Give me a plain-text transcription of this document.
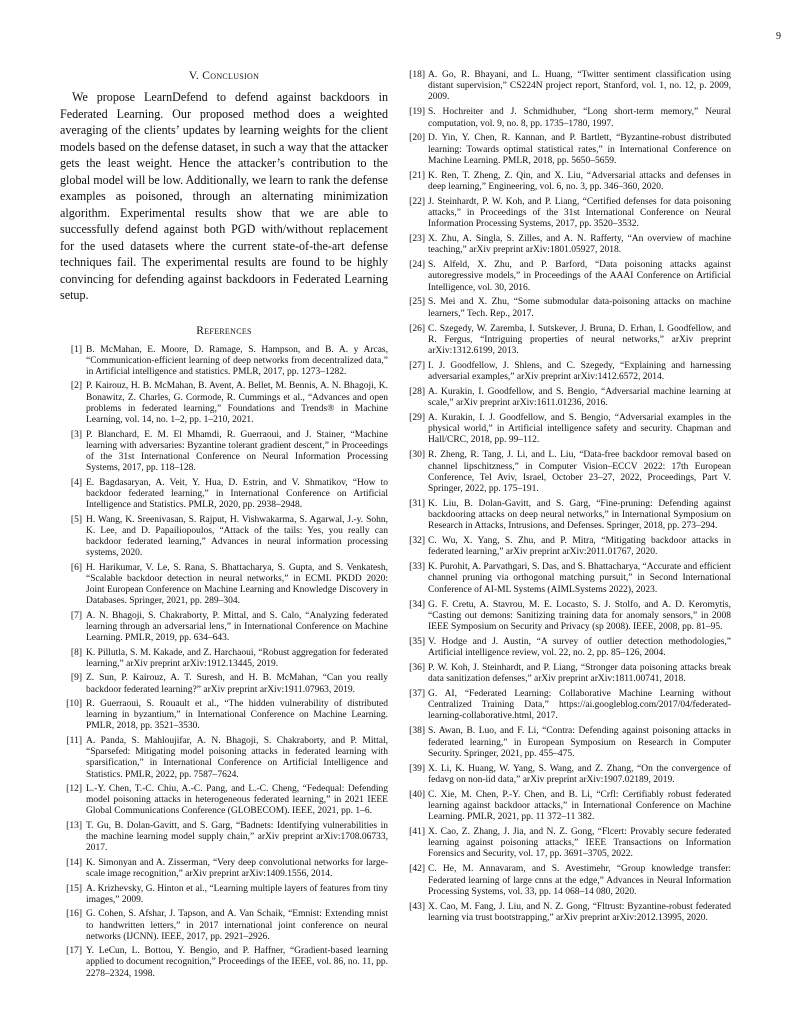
9
V. Conclusion

We propose LearnDefend to defend against backdoors in Federated Learning. Our proposed method does a weighted averaging of the clients’ updates by learning weights for the client models based on the defense dataset, in such a way that the attacker gets the least weight. Hence the attacker’s contribution to the global model will be low. Additionally, we learn to rank the defense examples as poisoned, through an alternating minimization algorithm. Experimental results show that we are able to successfully defend against both PGD with/without replacement for the used datasets where the current state-of-the-art defense techniques fail. The experimental results are found to be highly convincing for defending against backdoors in Federated Learning setup.

References
[1] B. McMahan, E. Moore, D. Ramage, S. Hampson, and B. A. y Arcas, “Communication-efficient learning of deep networks from decentralized data,” in Artificial intelligence and statistics. PMLR, 2017, pp. 1273–1282.
[2] P. Kairouz, H. B. McMahan, B. Avent, A. Bellet, M. Bennis, A. N. Bhagoji, K. Bonawitz, Z. Charles, G. Cormode, R. Cummings et al., “Advances and open problems in federated learning,” Foundations and Trends® in Machine Learning, vol. 14, no. 1–2, pp. 1–210, 2021.
[3] P. Blanchard, E. M. El Mhamdi, R. Guerraoui, and J. Stainer, “Machine learning with adversaries: Byzantine tolerant gradient descent,” in Proceedings of the 31st International Conference on Neural Information Processing Systems, 2017, pp. 118–128.
[4] E. Bagdasaryan, A. Veit, Y. Hua, D. Estrin, and V. Shmatikov, “How to backdoor federated learning,” in International Conference on Artificial Intelligence and Statistics. PMLR, 2020, pp. 2938–2948.
[5] H. Wang, K. Sreenivasan, S. Rajput, H. Vishwakarma, S. Agarwal, J.-y. Sohn, K. Lee, and D. Papailiopoulos, “Attack of the tails: Yes, you really can backdoor federated learning,” Advances in neural information processing systems, 2020.
[6] H. Harikumar, V. Le, S. Rana, S. Bhattacharya, S. Gupta, and S. Venkatesh, “Scalable backdoor detection in neural networks,” in ECML PKDD 2020: Joint European Conference on Machine Learning and Knowledge Discovery in Databases. Springer, 2021, pp. 289–304.
[7] A. N. Bhagoji, S. Chakraborty, P. Mittal, and S. Calo, “Analyzing federated learning through an adversarial lens,” in International Conference on Machine Learning. PMLR, 2019, pp. 634–643.
[8] K. Pillutla, S. M. Kakade, and Z. Harchaoui, “Robust aggregation for federated learning,” arXiv preprint arXiv:1912.13445, 2019.
[9] Z. Sun, P. Kairouz, A. T. Suresh, and H. B. McMahan, “Can you really backdoor federated learning?” arXiv preprint arXiv:1911.07963, 2019.
[10] R. Guerraoui, S. Rouault et al., “The hidden vulnerability of distributed learning in byzantium,” in International Conference on Machine Learning. PMLR, 2018, pp. 3521–3530.
[11] A. Panda, S. Mahloujifar, A. N. Bhagoji, S. Chakraborty, and P. Mittal, “Sparsefed: Mitigating model poisoning attacks in federated learning with sparsification,” in International Conference on Artificial Intelligence and Statistics. PMLR, 2022, pp. 7587–7624.
[12] L.-Y. Chen, T.-C. Chiu, A.-C. Pang, and L.-C. Cheng, “Fedequal: Defending model poisoning attacks in heterogeneous federated learning,” in 2021 IEEE Global Communications Conference (GLOBECOM). IEEE, 2021, pp. 1–6.
[13] T. Gu, B. Dolan-Gavitt, and S. Garg, “Badnets: Identifying vulnerabilities in the machine learning model supply chain,” arXiv preprint arXiv:1708.06733, 2017.
[14] K. Simonyan and A. Zisserman, “Very deep convolutional networks for large-scale image recognition,” arXiv preprint arXiv:1409.1556, 2014.
[15] A. Krizhevsky, G. Hinton et al., “Learning multiple layers of features from tiny images,” 2009.
[16] G. Cohen, S. Afshar, J. Tapson, and A. Van Schaik, “Emnist: Extending mnist to handwritten letters,” in 2017 international joint conference on neural networks (IJCNN). IEEE, 2017, pp. 2921–2926.
[17] Y. LeCun, L. Bottou, Y. Bengio, and P. Haffner, “Gradient-based learning applied to document recognition,” Proceedings of the IEEE, vol. 86, no. 11, pp. 2278–2324, 1998.
[18] A. Go, R. Bhayani, and L. Huang, “Twitter sentiment classification using distant supervision,” CS224N project report, Stanford, vol. 1, no. 12, p. 2009, 2009.
[19] S. Hochreiter and J. Schmidhuber, “Long short-term memory,” Neural computation, vol. 9, no. 8, pp. 1735–1780, 1997.
[20] D. Yin, Y. Chen, R. Kannan, and P. Bartlett, “Byzantine-robust distributed learning: Towards optimal statistical rates,” in International Conference on Machine Learning. PMLR, 2018, pp. 5650–5659.
[21] K. Ren, T. Zheng, Z. Qin, and X. Liu, “Adversarial attacks and defenses in deep learning,” Engineering, vol. 6, no. 3, pp. 346–360, 2020.
[22] J. Steinhardt, P. W. Koh, and P. Liang, “Certified defenses for data poisoning attacks,” in Proceedings of the 31st International Conference on Neural Information Processing Systems, 2017, pp. 3520–3532.
[23] X. Zhu, A. Singla, S. Zilles, and A. N. Rafferty, “An overview of machine teaching,” arXiv preprint arXiv:1801.05927, 2018.
[24] S. Alfeld, X. Zhu, and P. Barford, “Data poisoning attacks against autoregressive models,” in Proceedings of the AAAI Conference on Artificial Intelligence, vol. 30, 2016.
[25] S. Mei and X. Zhu, “Some submodular data-poisoning attacks on machine learners,” Tech. Rep., 2017.
[26] C. Szegedy, W. Zaremba, I. Sutskever, J. Bruna, D. Erhan, I. Goodfellow, and R. Fergus, “Intriguing properties of neural networks,” arXiv preprint arXiv:1312.6199, 2013.
[27] I. J. Goodfellow, J. Shlens, and C. Szegedy, “Explaining and harnessing adversarial examples,” arXiv preprint arXiv:1412.6572, 2014.
[28] A. Kurakin, I. Goodfellow, and S. Bengio, “Adversarial machine learning at scale,” arXiv preprint arXiv:1611.01236, 2016.
[29] A. Kurakin, I. J. Goodfellow, and S. Bengio, “Adversarial examples in the physical world,” in Artificial intelligence safety and security. Chapman and Hall/CRC, 2018, pp. 99–112.
[30] R. Zheng, R. Tang, J. Li, and L. Liu, “Data-free backdoor removal based on channel lipschitzness,” in Computer Vision–ECCV 2022: 17th European Conference, Tel Aviv, Israel, October 23–27, 2022, Proceedings, Part V. Springer, 2022, pp. 175–191.
[31] K. Liu, B. Dolan-Gavitt, and S. Garg, “Fine-pruning: Defending against backdooring attacks on deep neural networks,” in International Symposium on Research in Attacks, Intrusions, and Defenses. Springer, 2018, pp. 273–294.
[32] C. Wu, X. Yang, S. Zhu, and P. Mitra, “Mitigating backdoor attacks in federated learning,” arXiv preprint arXiv:2011.01767, 2020.
[33] K. Purohit, A. Parvathgari, S. Das, and S. Bhattacharya, “Accurate and efficient channel pruning via orthogonal matching pursuit,” in Second International Conference of AI-ML Systems (AIMLSystems 2022), 2023.
[34] G. F. Cretu, A. Stavrou, M. E. Locasto, S. J. Stolfo, and A. D. Keromytis, “Casting out demons: Sanitizing training data for anomaly sensors,” in 2008 IEEE Symposium on Security and Privacy (sp 2008). IEEE, 2008, pp. 81–95.
[35] V. Hodge and J. Austin, “A survey of outlier detection methodologies,” Artificial intelligence review, vol. 22, no. 2, pp. 85–126, 2004.
[36] P. W. Koh, J. Steinhardt, and P. Liang, “Stronger data poisoning attacks break data sanitization defenses,” arXiv preprint arXiv:1811.00741, 2018.
[37] G. AI, “Federated Learning: Collaborative Machine Learning without Centralized Training Data,” https://ai.googleblog.com/2017/04/federated-learning-collaborative.html, 2017.
[38] S. Awan, B. Luo, and F. Li, “Contra: Defending against poisoning attacks in federated learning,” in European Symposium on Research in Computer Security. Springer, 2021, pp. 455–475.
[39] X. Li, K. Huang, W. Yang, S. Wang, and Z. Zhang, “On the convergence of fedavg on non-iid data,” arXiv preprint arXiv:1907.02189, 2019.
[40] C. Xie, M. Chen, P.-Y. Chen, and B. Li, “Crfl: Certifiably robust federated learning against backdoor attacks,” in International Conference on Machine Learning. PMLR, 2021, pp. 11 372–11 382.
[41] X. Cao, Z. Zhang, J. Jia, and N. Z. Gong, “Flcert: Provably secure federated learning against poisoning attacks,” IEEE Transactions on Information Forensics and Security, vol. 17, pp. 3691–3705, 2022.
[42] C. He, M. Annavaram, and S. Avestimehr, “Group knowledge transfer: Federated learning of large cnns at the edge,” Advances in Neural Information Processing Systems, vol. 33, pp. 14 068–14 080, 2020.
[43] X. Cao, M. Fang, J. Liu, and N. Z. Gong, “Fltrust: Byzantine-robust federated learning via trust bootstrapping,” arXiv preprint arXiv:2012.13995, 2020.
